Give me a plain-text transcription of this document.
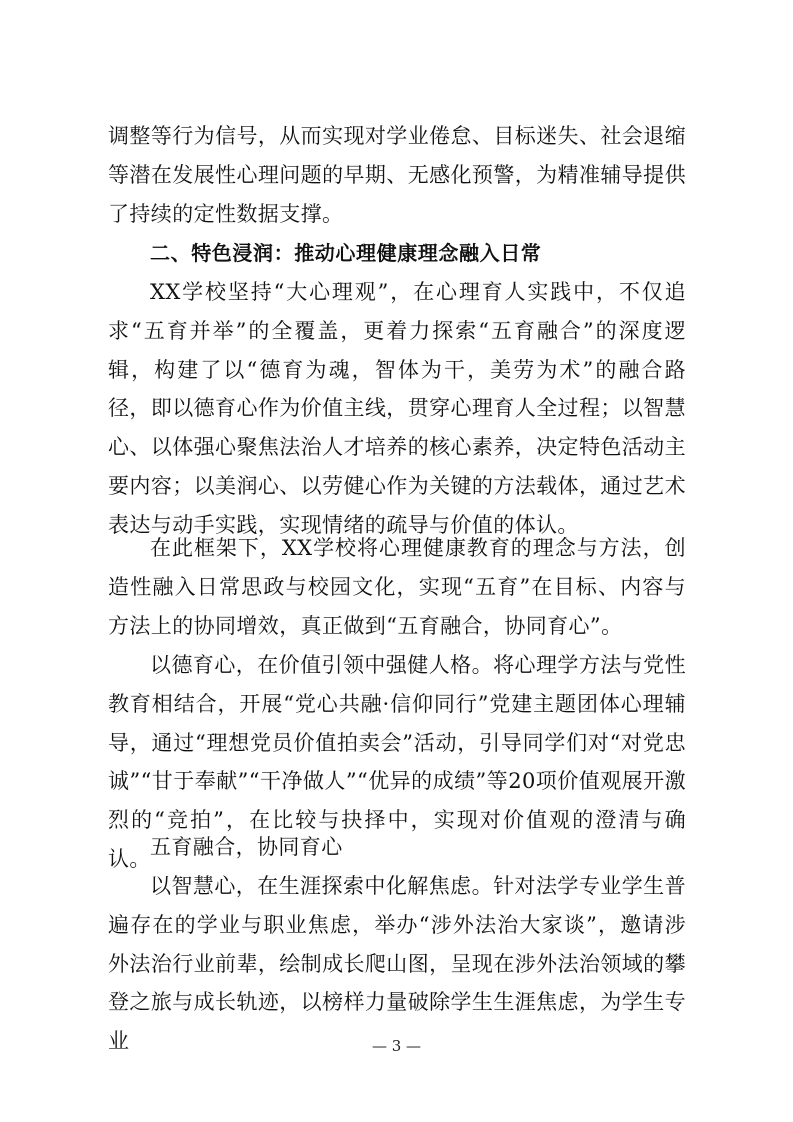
调整等行为信号，从而实现对学业倦怠、目标迷失、社会退缩等潜在发展性心理问题的早期、无感化预警，为精准辅导提供了持续的定性数据支撑。

二、特色浸润：推动心理健康理念融入日常

XX学校坚持“大心理观”，在心理育人实践中，不仅追求“五育并举”的全覆盖，更着力探索“五育融合”的深度逻辑，构建了以“德育为魂，智体为干，美劳为术”的融合路径，即以德育心作为价值主线，贯穿心理育人全过程；以智慧心、以体强心聚焦法治人才培养的核心素养，决定特色活动主要内容；以美润心、以劳健心作为关键的方法载体，通过艺术表达与动手实践，实现情绪的疏导与价值的体认。

在此框架下，XX学校将心理健康教育的理念与方法，创造性融入日常思政与校园文化，实现“五育”在目标、内容与方法上的协同增效，真正做到“五育融合，协同育心”。

以德育心，在价值引领中强健人格。将心理学方法与党性教育相结合，开展“党心共融·信仰同行”党建主题团体心理辅导，通过“理想党员价值拍卖会”活动，引导同学们对“对党忠诚”“甘于奉献”“干净做人”“优异的成绩”等20项价值观展开激烈的“竞拍”，在比较与抉择中，实现对价值观的澄清与确认。 五育融合，协同育心

以智慧心，在生涯探索中化解焦虑。针对法学专业学生普遍存在的学业与职业焦虑，举办“涉外法治大家谈”，邀请涉外法治行业前辈，绘制成长爬山图，呈现在涉外法治领域的攀登之旅与成长轨迹，以榜样力量破除学生生涯焦虑，为学生专业	— 3 —
